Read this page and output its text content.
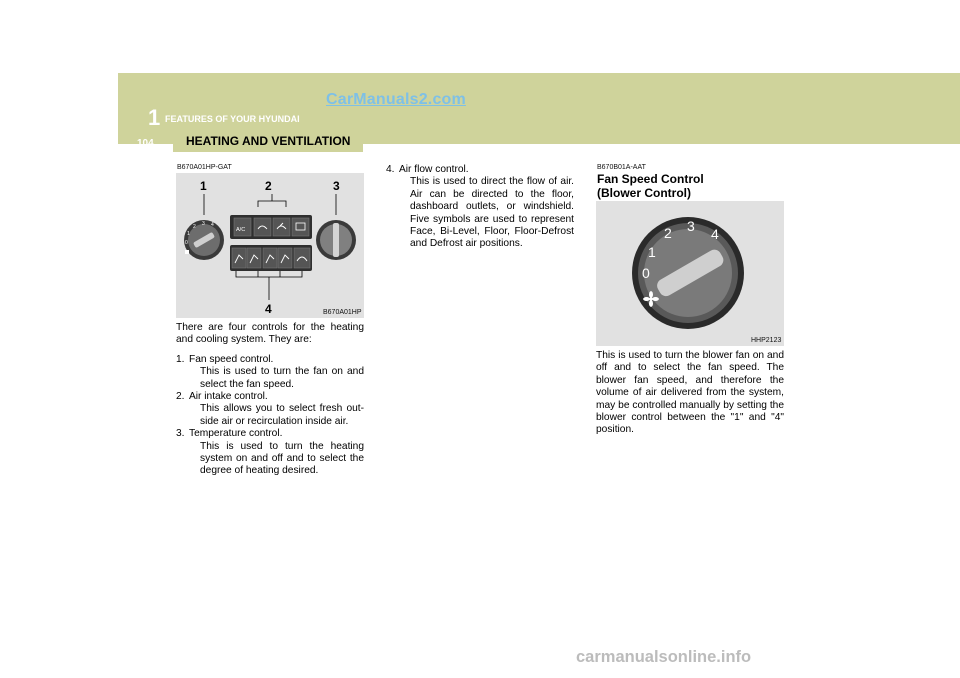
1 FEATURES OF YOUR HYUNDAI
CarManuals2.com
104	HEATING AND VENTILATION
B670A01HP-GAT
1	2	3
4
0
1
2 3 4
A/C
B670A01HP

There are four controls for the heating and cooling system. They are:

1. Fan speed control.
This is used to turn the fan on and select the fan speed.
2. Air intake control.
This allows you to select fresh out-side air or recirculation inside air.
3. Temperature control.
This is used to turn the heating system on and off and to select the degree of heating desired.
4. Air flow control.
This is used to direct the flow of air. Air can be directed to the floor, dashboard outlets, or windshield. Five symbols are used to represent Face, Bi-Level, Floor, Floor-Defrost and Defrost air positions.
B670B01A-AAT
Fan Speed Control
(Blower Control)
0
1
2 3 4
HHP2123
This is used to turn the blower fan on and off and to select the fan speed. The blower fan speed, and therefore the volume of air delivered from the system, may be controlled manually by setting the blower control between the "1" and "4" position.
carmanualsonline.info
